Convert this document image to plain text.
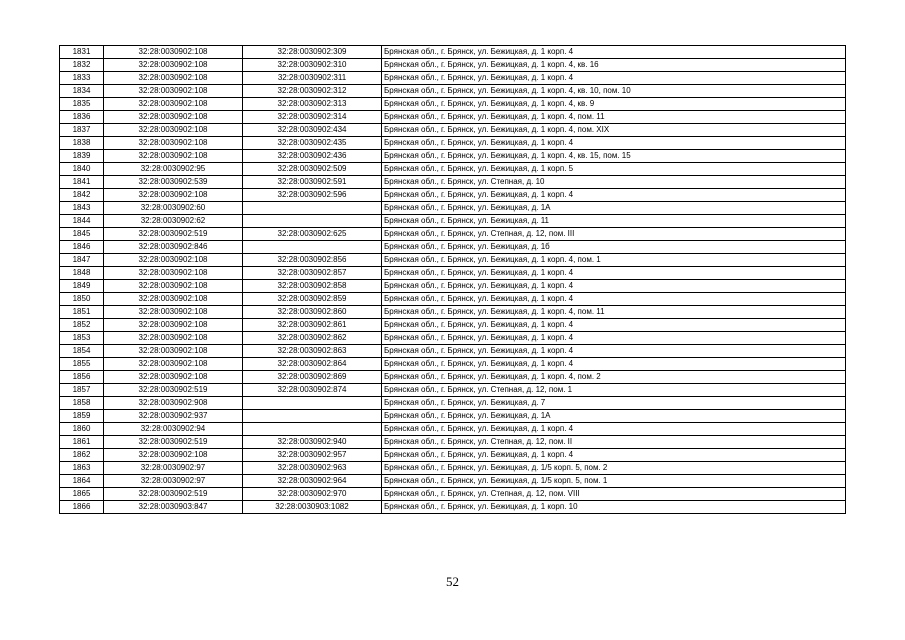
1831	32:28:0030902:108	32:28:0030902:309	Брянская обл., г. Брянск, ул. Бежицкая, д. 1 корп. 4
1832	32:28:0030902:108	32:28:0030902:310	Брянская обл., г. Брянск, ул. Бежицкая, д. 1 корп. 4, кв. 16
1833	32:28:0030902:108	32:28:0030902:311	Брянская обл., г. Брянск, ул. Бежицкая, д. 1 корп. 4
1834	32:28:0030902:108	32:28:0030902:312	Брянская обл., г. Брянск, ул. Бежицкая, д. 1 корп. 4, кв. 10, пом. 10
1835	32:28:0030902:108	32:28:0030902:313	Брянская обл., г. Брянск, ул. Бежицкая, д. 1 корп. 4, кв. 9
1836	32:28:0030902:108	32:28:0030902:314	Брянская обл., г. Брянск, ул. Бежицкая, д. 1 корп. 4, пом. 11
1837	32:28:0030902:108	32:28:0030902:434	Брянская обл., г. Брянск, ул. Бежицкая, д. 1 корп. 4, пом. XIX
1838	32:28:0030902:108	32:28:0030902:435	Брянская обл., г. Брянск, ул. Бежицкая, д. 1 корп. 4
1839	32:28:0030902:108	32:28:0030902:436	Брянская обл., г. Брянск, ул. Бежицкая, д. 1 корп. 4, кв. 15, пом. 15
1840	32:28:0030902:95	32:28:0030902:509	Брянская обл., г. Брянск, ул. Бежицкая, д. 1 корп. 5
1841	32:28:0030902:539	32:28:0030902:591	Брянская обл., г. Брянск, ул. Степная, д. 10
1842	32:28:0030902:108	32:28:0030902:596	Брянская обл., г. Брянск, ул. Бежицкая, д. 1 корп. 4
1843	32:28:0030902:60		Брянская обл., г. Брянск, ул. Бежицкая, д. 1А
1844	32:28:0030902:62		Брянская обл., г. Брянск, ул. Бежицкая, д. 11
1845	32:28:0030902:519	32:28:0030902:625	Брянская обл., г. Брянск, ул. Степная, д. 12, пом. III
1846	32:28:0030902:846		Брянская обл., г. Брянск, ул. Бежицкая, д. 1б
1847	32:28:0030902:108	32:28:0030902:856	Брянская обл., г. Брянск, ул. Бежицкая, д. 1 корп. 4, пом. 1
1848	32:28:0030902:108	32:28:0030902:857	Брянская обл., г. Брянск, ул. Бежицкая, д. 1 корп. 4
1849	32:28:0030902:108	32:28:0030902:858	Брянская обл., г. Брянск, ул. Бежицкая, д. 1 корп. 4
1850	32:28:0030902:108	32:28:0030902:859	Брянская обл., г. Брянск, ул. Бежицкая, д. 1 корп. 4
1851	32:28:0030902:108	32:28:0030902:860	Брянская обл., г. Брянск, ул. Бежицкая, д. 1 корп. 4, пом. 11
1852	32:28:0030902:108	32:28:0030902:861	Брянская обл., г. Брянск, ул. Бежицкая, д. 1 корп. 4
1853	32:28:0030902:108	32:28:0030902:862	Брянская обл., г. Брянск, ул. Бежицкая, д. 1 корп. 4
1854	32:28:0030902:108	32:28:0030902:863	Брянская обл., г. Брянск, ул. Бежицкая, д. 1 корп. 4
1855	32:28:0030902:108	32:28:0030902:864	Брянская обл., г. Брянск, ул. Бежицкая, д. 1 корп. 4
1856	32:28:0030902:108	32:28:0030902:869	Брянская обл., г. Брянск, ул. Бежицкая, д. 1 корп. 4, пом. 2
1857	32:28:0030902:519	32:28:0030902:874	Брянская обл., г. Брянск, ул. Степная, д. 12, пом. 1
1858	32:28:0030902:908		Брянская обл., г. Брянск, ул. Бежицкая, д. 7
1859	32:28:0030902:937		Брянская обл., г. Брянск, ул. Бежицкая, д. 1А
1860	32:28:0030902:94		Брянская обл., г. Брянск, ул. Бежицкая, д. 1 корп. 4
1861	32:28:0030902:519	32:28:0030902:940	Брянская обл., г. Брянск, ул. Степная, д. 12, пом. II
1862	32:28:0030902:108	32:28:0030902:957	Брянская обл., г. Брянск, ул. Бежицкая, д. 1 корп. 4
1863	32:28:0030902:97	32:28:0030902:963	Брянская обл., г. Брянск, ул. Бежицкая, д. 1/5 корп. 5, пом. 2
1864	32:28:0030902:97	32:28:0030902:964	Брянская обл., г. Брянск, ул. Бежицкая, д. 1/5 корп. 5, пом. 1
1865	32:28:0030902:519	32:28:0030902:970	Брянская обл., г. Брянск, ул. Степная, д. 12, пом. VIII
1866	32:28:0030903:847	32:28:0030903:1082	Брянская обл., г. Брянск, ул. Бежицкая, д. 1 корп. 10
52
